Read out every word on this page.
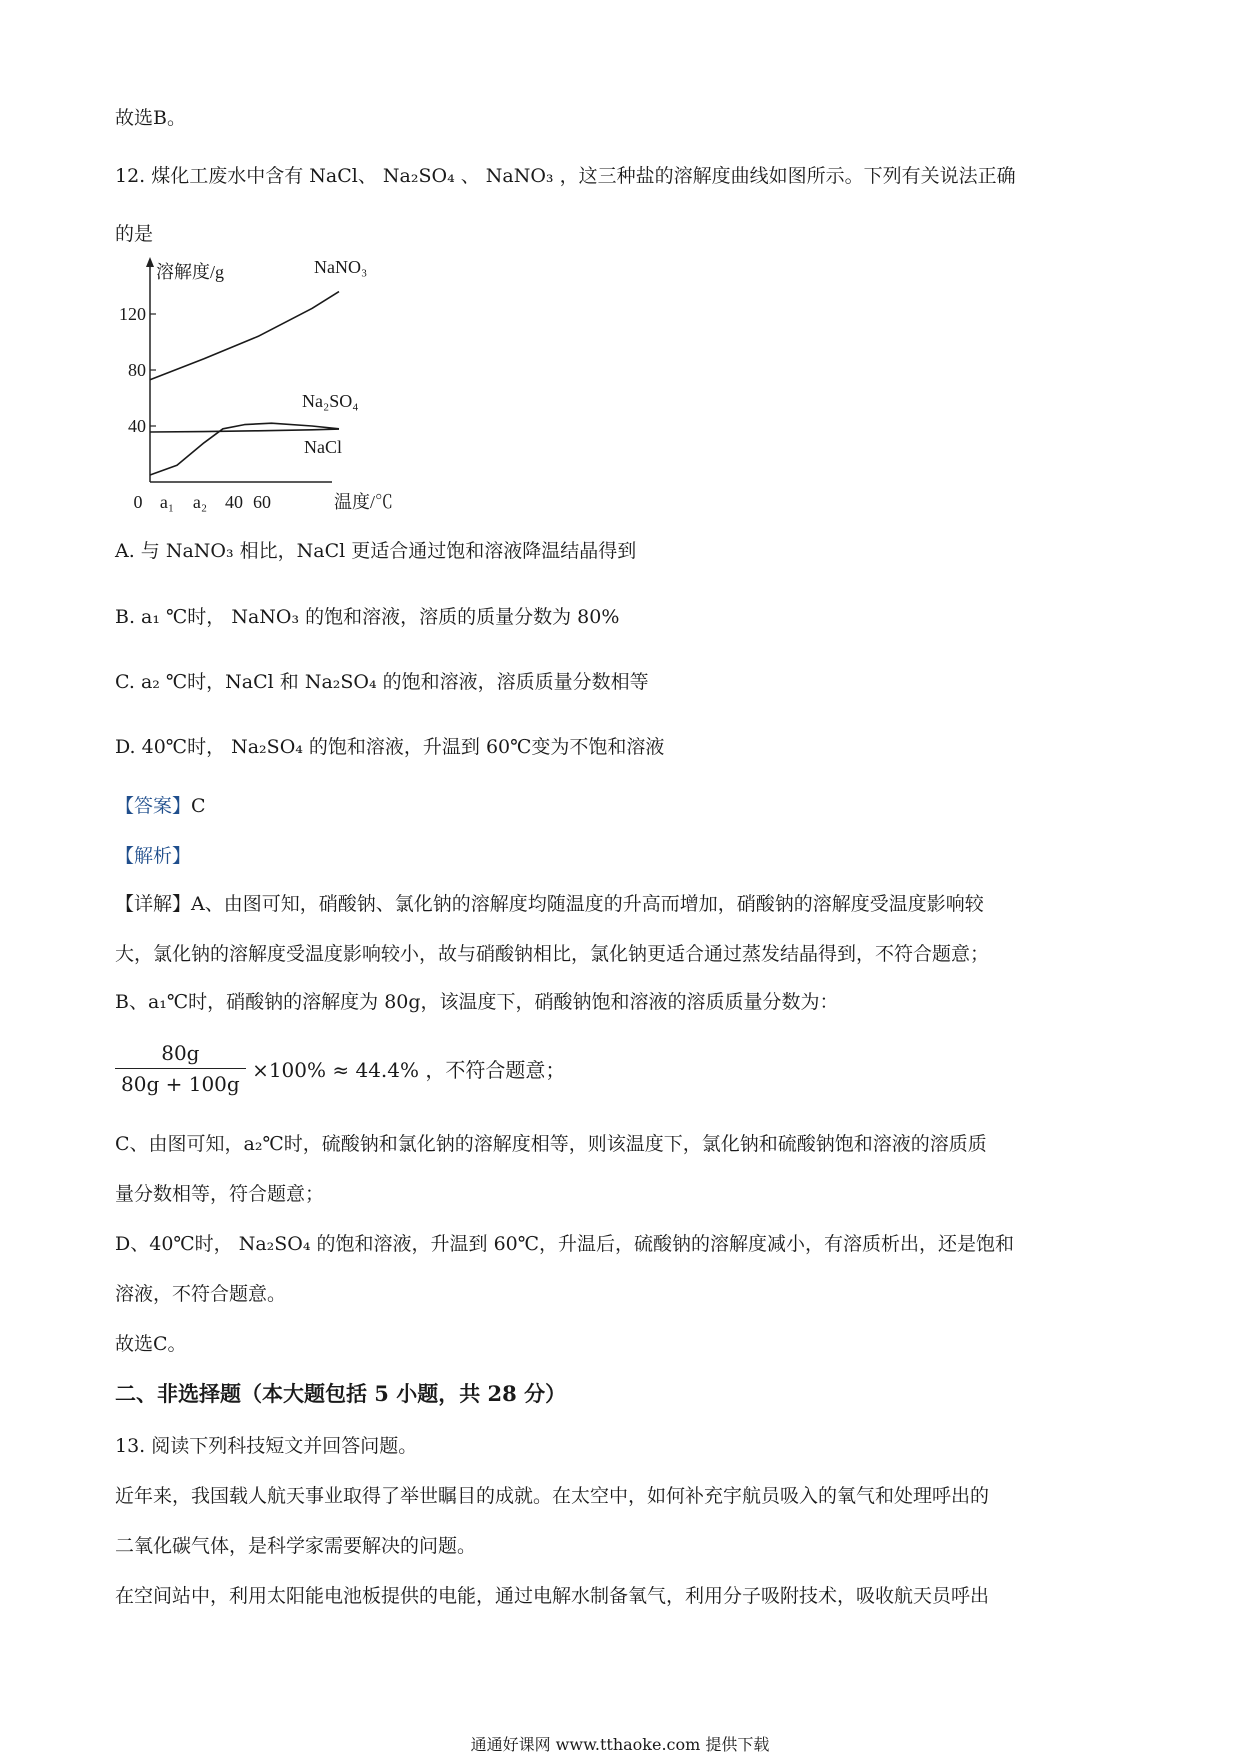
故选B。
12. 煤化工废水中含有 NaCl、 Na₂SO₄ 、 NaNO₃ ，这三种盐的溶解度曲线如图所示。下列有关说法正确
的是
溶解度/g
温度/℃
120
80
40
0 a₁ a₂ 40 60
NaNO₃
Na₂SO₄
NaCl
A. 与 NaNO₃ 相比，NaCl 更适合通过饱和溶液降温结晶得到
B. a₁ ℃时， NaNO₃ 的饱和溶液，溶质的质量分数为 80%
C. a₂ ℃时，NaCl 和 Na₂SO₄ 的饱和溶液，溶质质量分数相等
D. 40℃时， Na₂SO₄ 的饱和溶液，升温到 60℃变为不饱和溶液
【答案】C
【解析】
【详解】A、由图可知，硝酸钠、氯化钠的溶解度均随温度的升高而增加，硝酸钠的溶解度受温度影响较
大，氯化钠的溶解度受温度影响较小，故与硝酸钠相比，氯化钠更适合通过蒸发结晶得到，不符合题意；
B、a₁℃时，硝酸钠的溶解度为 80g，该温度下，硝酸钠饱和溶液的溶质质量分数为：
$\frac{80g}{80g + 100g} \times 100\% \approx 44.4\%$ ，不符合题意；
C、由图可知，a₂℃时，硫酸钠和氯化钠的溶解度相等，则该温度下，氯化钠和硫酸钠饱和溶液的溶质质
量分数相等，符合题意；
D、40℃时， Na₂SO₄ 的饱和溶液，升温到 60℃，升温后，硫酸钠的溶解度减小，有溶质析出，还是饱和
溶液，不符合题意。
故选C。
二、非选择题（本大题包括 5 小题，共 28 分）
13. 阅读下列科技短文并回答问题。
近年来，我国载人航天事业取得了举世瞩目的成就。在太空中，如何补充宇航员吸入的氧气和处理呼出的
二氧化碳气体，是科学家需要解决的问题。
在空间站中，利用太阳能电池板提供的电能，通过电解水制备氧气，利用分子吸附技术，吸收航天员呼出
通通好课网 www.tthaoke.com 提供下载
